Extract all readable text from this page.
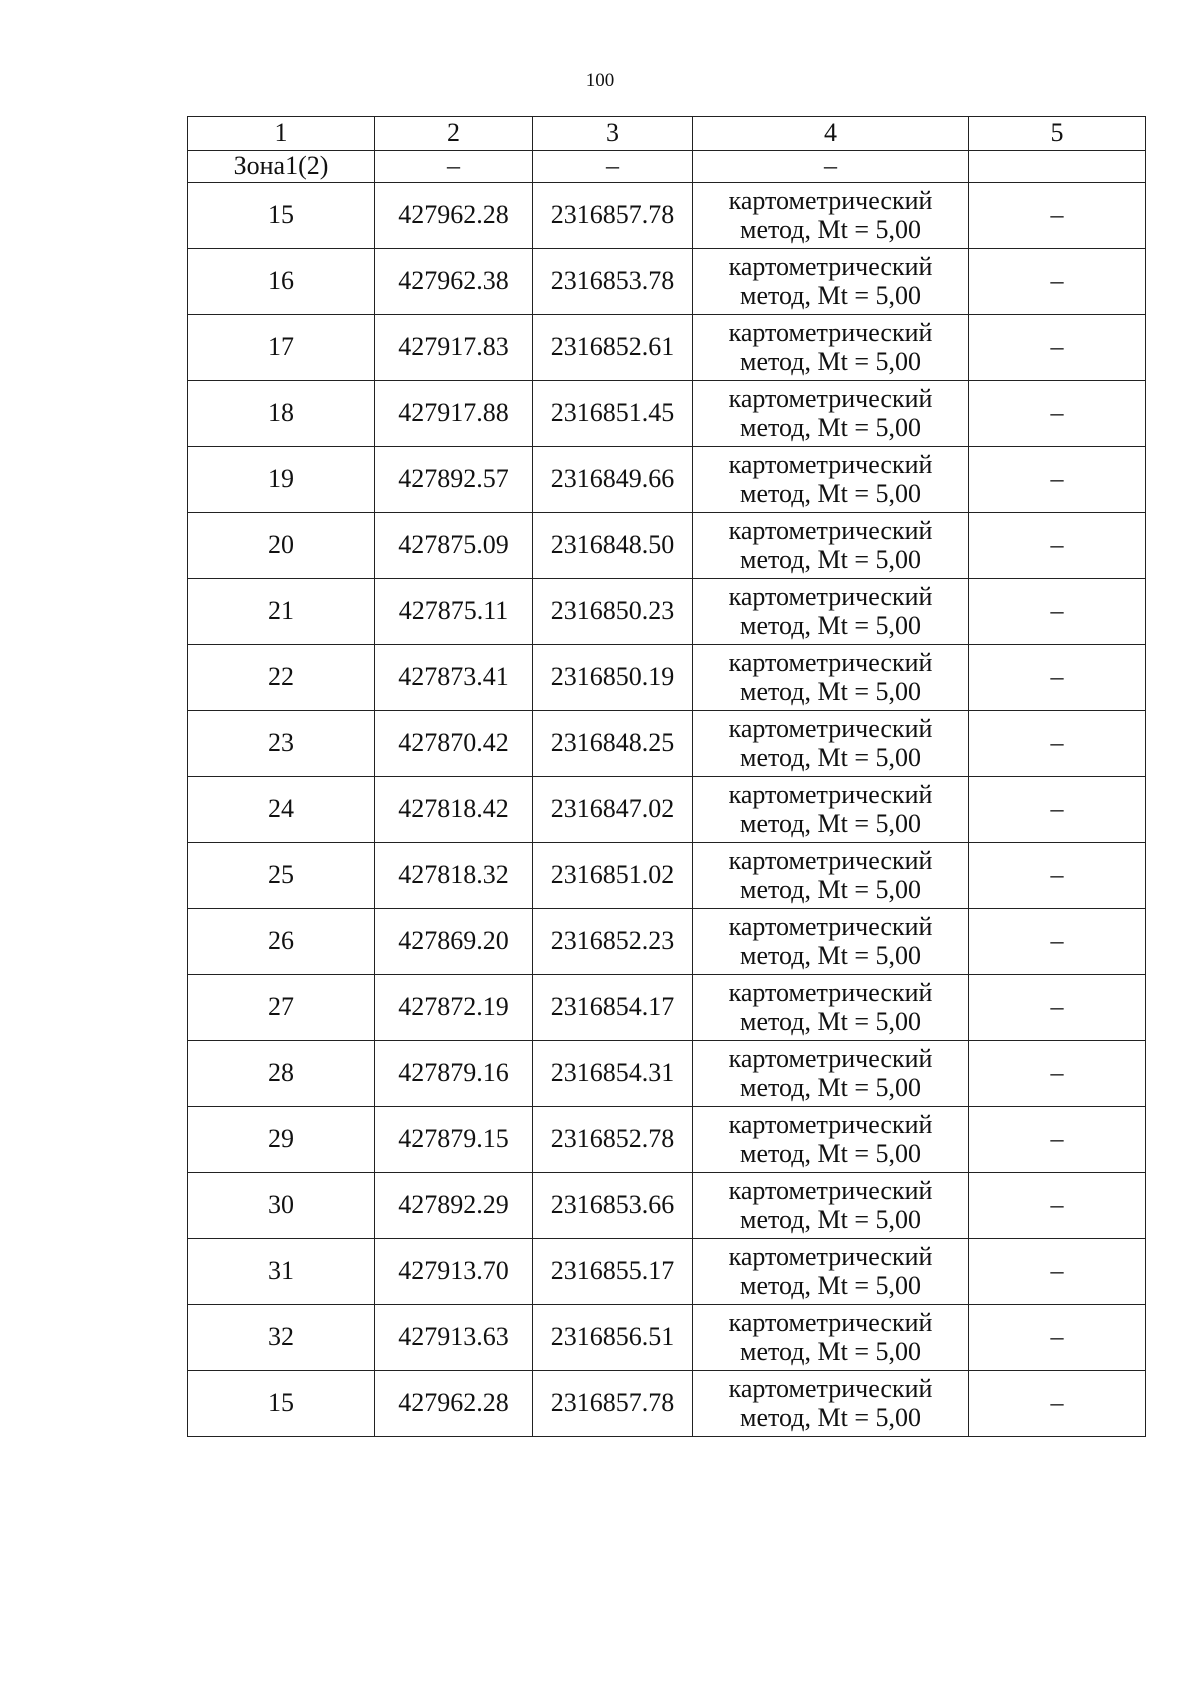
100
1	2	3	4	5
Зона1(2)	–	–	–	
15	427962.28	2316857.78	картометрический
метод, Mt = 5,00	–
16	427962.38	2316853.78	картометрический
метод, Mt = 5,00	–
17	427917.83	2316852.61	картометрический
метод, Mt = 5,00	–
18	427917.88	2316851.45	картометрический
метод, Mt = 5,00	–
19	427892.57	2316849.66	картометрический
метод, Mt = 5,00	–
20	427875.09	2316848.50	картометрический
метод, Mt = 5,00	–
21	427875.11	2316850.23	картометрический
метод, Mt = 5,00	–
22	427873.41	2316850.19	картометрический
метод, Mt = 5,00	–
23	427870.42	2316848.25	картометрический
метод, Mt = 5,00	–
24	427818.42	2316847.02	картометрический
метод, Mt = 5,00	–
25	427818.32	2316851.02	картометрический
метод, Mt = 5,00	–
26	427869.20	2316852.23	картометрический
метод, Mt = 5,00	–
27	427872.19	2316854.17	картометрический
метод, Mt = 5,00	–
28	427879.16	2316854.31	картометрический
метод, Mt = 5,00	–
29	427879.15	2316852.78	картометрический
метод, Mt = 5,00	–
30	427892.29	2316853.66	картометрический
метод, Mt = 5,00	–
31	427913.70	2316855.17	картометрический
метод, Mt = 5,00	–
32	427913.63	2316856.51	картометрический
метод, Mt = 5,00	–
15	427962.28	2316857.78	картометрический
метод, Mt = 5,00	–
